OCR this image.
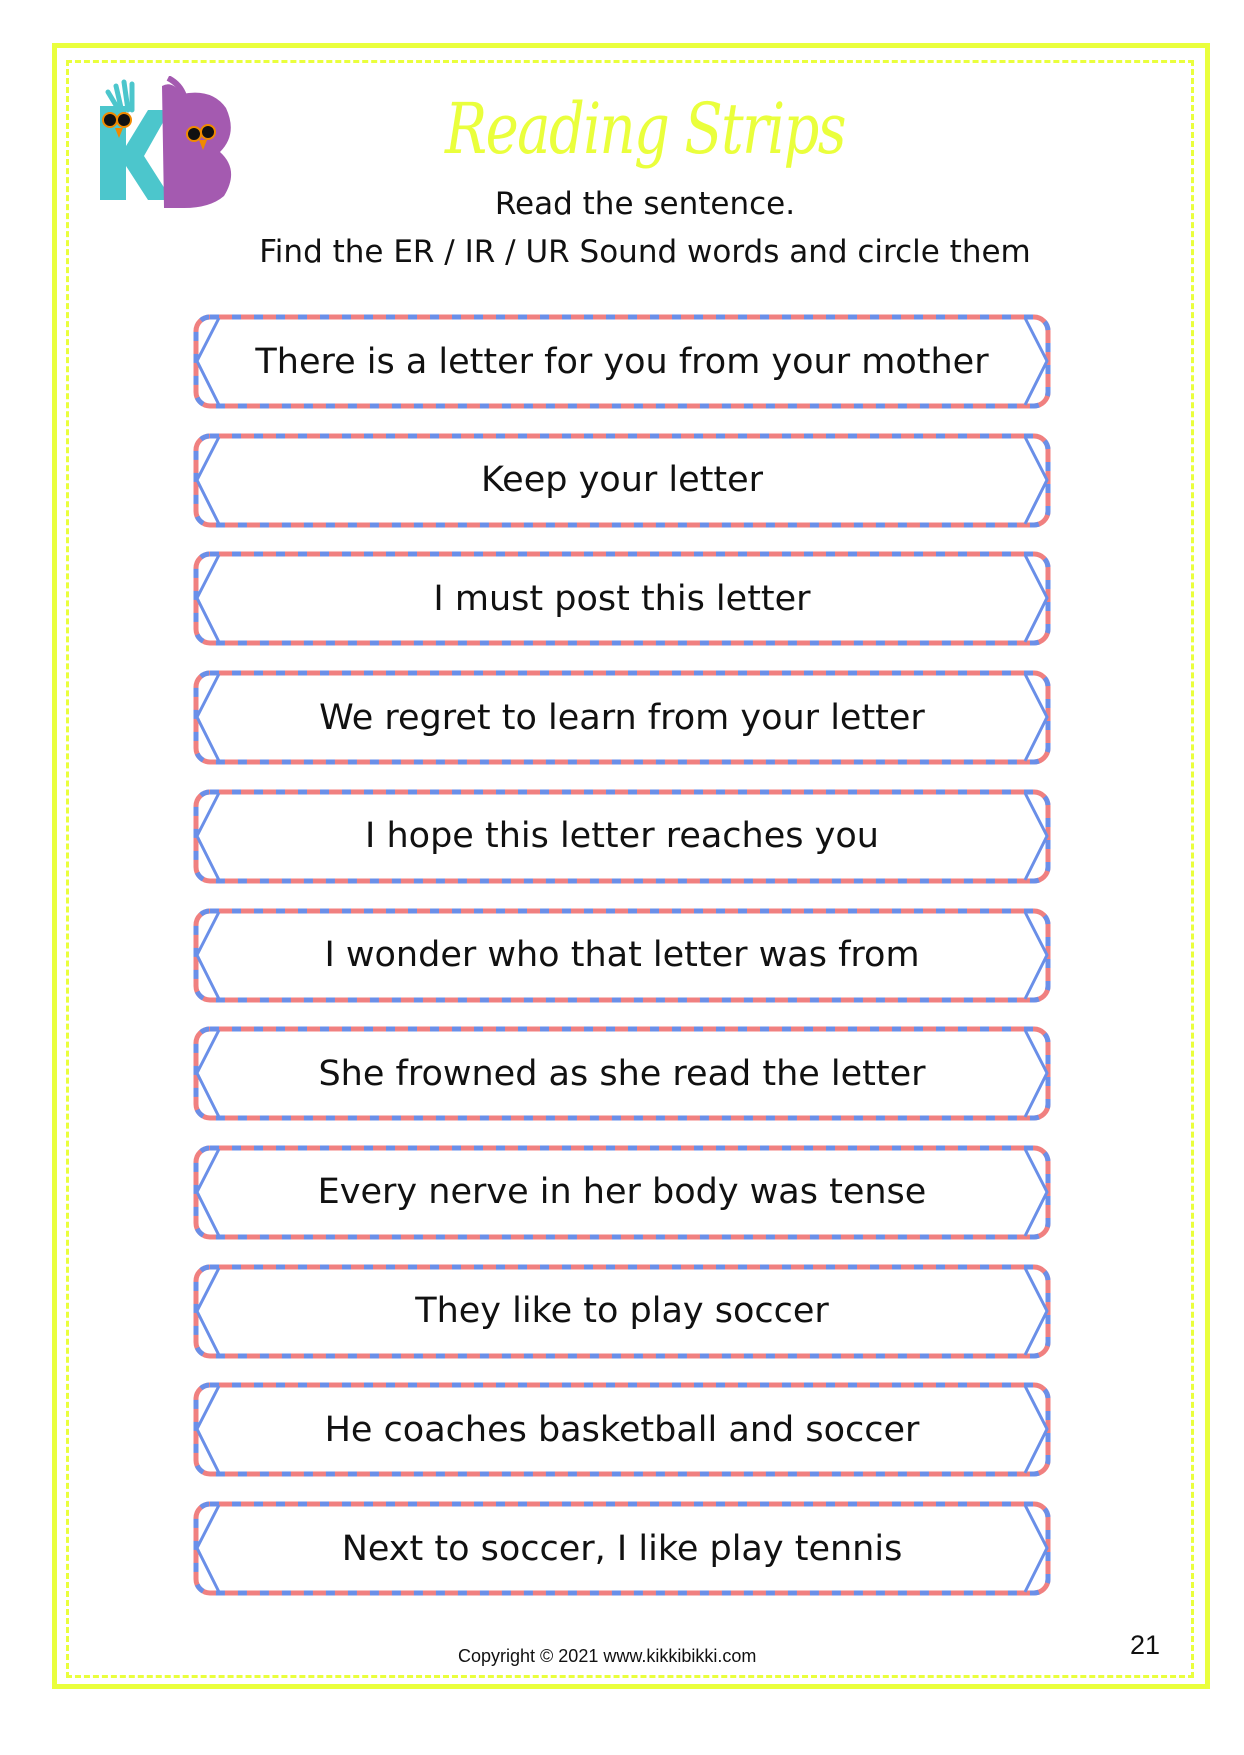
Reading Strips
Read the sentence.
Find the ER / IR / UR Sound words and circle them
There is a letter for you from your mother
Keep your letter
I must post this letter
We regret to learn from your letter
I hope this letter reaches you
I wonder who that letter was from
She frowned as she read the letter
Every nerve in her body was tense
They like to play soccer
He coaches basketball and soccer
Next to soccer, I like play tennis
Copyright © 2021 www.kikkibikki.com	21
